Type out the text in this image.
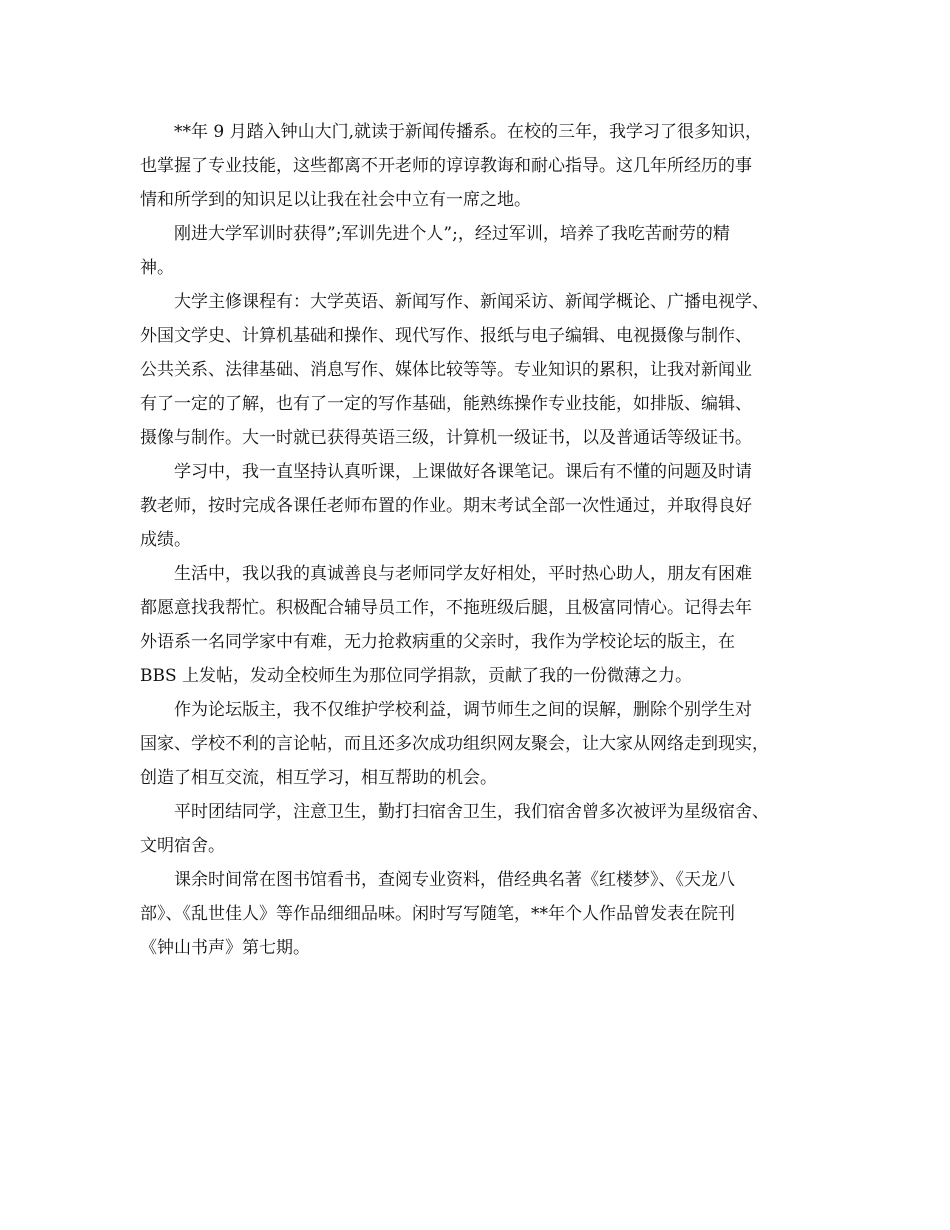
**年 9 月踏入钟山大门,就读于新闻传播系。在校的三年，我学习了很多知识，
也掌握了专业技能，这些都离不开老师的谆谆教诲和耐心指导。这几年所经历的事
情和所学到的知识足以让我在社会中立有一席之地。

刚进大学军训时获得”;军训先进个人”;，经过军训，培养了我吃苦耐劳的精
神。

大学主修课程有：大学英语、新闻写作、新闻采访、新闻学概论、广播电视学、
外国文学史、计算机基础和操作、现代写作、报纸与电子编辑、电视摄像与制作、
公共关系、法律基础、消息写作、媒体比较等等。专业知识的累积，让我对新闻业
有了一定的了解，也有了一定的写作基础，能熟练操作专业技能，如排版、编辑、
摄像与制作。大一时就已获得英语三级，计算机一级证书，以及普通话等级证书。

学习中，我一直坚持认真听课，上课做好各课笔记。课后有不懂的问题及时请
教老师，按时完成各课任老师布置的作业。期末考试全部一次性通过，并取得良好
成绩。

生活中，我以我的真诚善良与老师同学友好相处，平时热心助人，朋友有困难
都愿意找我帮忙。积极配合辅导员工作，不拖班级后腿，且极富同情心。记得去年
外语系一名同学家中有难，无力抢救病重的父亲时，我作为学校论坛的版主，在
BBS 上发帖，发动全校师生为那位同学捐款，贡献了我的一份微薄之力。

作为论坛版主，我不仅维护学校利益，调节师生之间的误解，删除个别学生对
国家、学校不利的言论帖，而且还多次成功组织网友聚会，让大家从网络走到现实，
创造了相互交流，相互学习，相互帮助的机会。

平时团结同学，注意卫生，勤打扫宿舍卫生，我们宿舍曾多次被评为星级宿舍、
文明宿舍。

课余时间常在图书馆看书，查阅专业资料，借经典名著《红楼梦》、《天龙八
部》、《乱世佳人》等作品细细品味。闲时写写随笔，**年个人作品曾发表在院刊
《钟山书声》第七期。
